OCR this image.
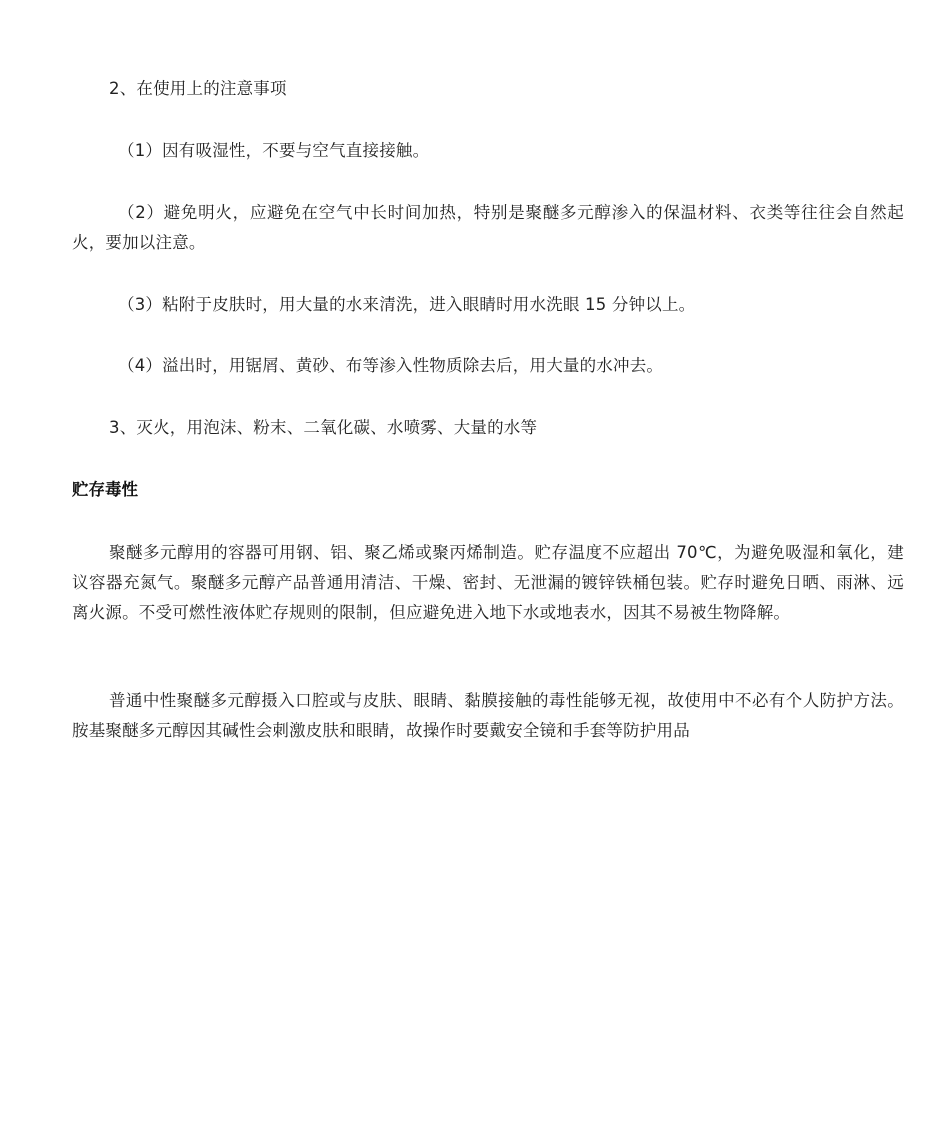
2、在使用上的注意事项

（1）因有吸湿性，不要与空气直接接触。

（2）避免明火，应避免在空气中长时间加热，特别是聚醚多元醇渗入的保温材料、衣类等往往会自然起火，要加以注意。

（3）粘附于皮肤时，用大量的水来清洗，进入眼睛时用水洗眼 15 分钟以上。

（4）溢出时，用锯屑、黄砂、布等渗入性物质除去后，用大量的水冲去。

3、灭火，用泡沫、粉末、二氧化碳、水喷雾、大量的水等

贮存毒性

聚醚多元醇用的容器可用钢、铝、聚乙烯或聚丙烯制造。贮存温度不应超出 70℃，为避免吸湿和氧化，建议容器充氮气。聚醚多元醇产品普通用清洁、干燥、密封、无泄漏的镀锌铁桶包装。贮存时避免日晒、雨淋、远离火源。不受可燃性液体贮存规则的限制，但应避免进入地下水或地表水，因其不易被生物降解。

普通中性聚醚多元醇摄入口腔或与皮肤、眼睛、黏膜接触的毒性能够无视，故使用中不必有个人防护方法。胺基聚醚多元醇因其碱性会刺激皮肤和眼睛，故操作时要戴安全镜和手套等防护用品
